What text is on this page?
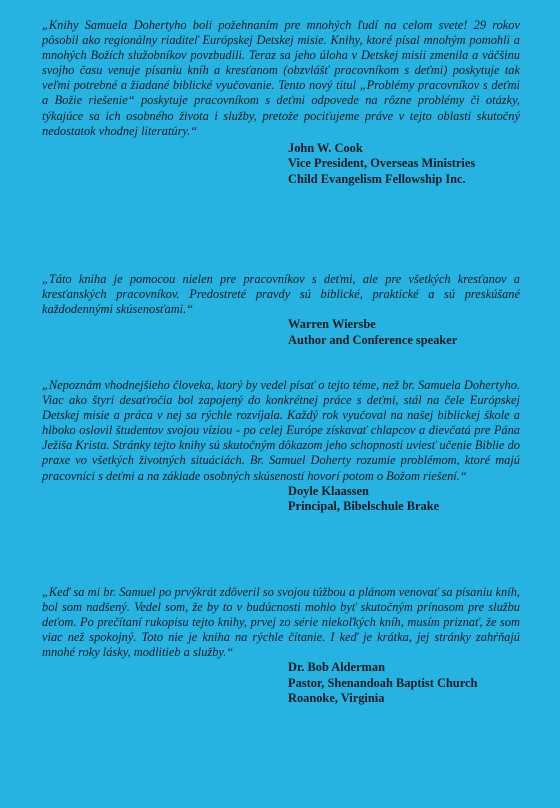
„Knihy Samuela Dohertyho boli požehnaním pre mnohých ľudí na celom svete! 29 rokov pôsobil ako regionálny riaditeľ Európskej Detskej misie. Knihy, ktoré písal mnohým pomohli a mnohých Božích služobníkov povzbudili. Teraz sa jeho úloha v Detskej misii zmenila a väčšinu svojho času venuje písaniu kníh a kresťanom (obzvlášť pracovníkom s deťmi) poskytuje tak veľmi potrebné a žiadané biblické vyučovanie. Tento nový titul „Problémy pracovníkov s deťmi a Božie riešenie“ poskytuje pracovníkom s deťmi odpovede na rôzne problémy či otázky, týkajúce sa ich osobného života i služby, pretože pociťujeme práve v tejto oblasti skutočný nedostatok vhodnej literatúry.“

John W. Cook
Vice President, Overseas Ministries
Child Evangelism Fellowship Inc.

„Táto kniha je pomocou nielen pre pracovníkov s deťmi, ale pre všetkých kresťanov a kresťanských pracovníkov. Predostreté pravdy sú biblické, praktické a sú preskúšané každodennými skúsenosťami.“

Warren Wiersbe
Author and Conference speaker

„Nepoznám vhodnejšieho človeka, ktorý by vedel písať o tejto téme, než br. Samuela Dohertyho. Viac ako štyri desaťročia bol zapojený do konkrétnej práce s deťmi, stál na čele Európskej Detskej misie a práca v nej sa rýchle rozvíjala. Každý rok vyučoval na našej biblickej škole a hlboko oslovil študentov svojou víziou - po celej Európe získavať chlapcov a dievčatá pre Pána Ježiša Krista. Stránky tejto knihy sú skutočným dôkazom jeho schopnosti uviesť učenie Biblie do praxe vo všetkých životných situáciách. Br. Samuel Doherty rozumie problémom, ktoré majú pracovníci s deťmi a na základe osobných skúseností hovorí potom o Božom riešení.“

Doyle Klaassen
Principal, Bibelschule Brake

„Keď sa mi br. Samuel po prvýkrát zdôveril so svojou túžbou a plánom venovať sa písaniu kníh, bol som nadšený. Vedel som, že by to v budúcnosti mohlo byť skutočným prínosom pre službu deťom. Po prečítaní rukopisu tejto knihy, prvej zo série niekoľkých kníh, musím priznať, že som viac než spokojný. Toto nie je kniha na rýchle čítanie. I keď je krátka, jej stránky zahŕňajú mnohé roky lásky, modlitieb a služby.“

Dr. Bob Alderman
Pastor, Shenandoah Baptist Church
Roanoke, Virginia
